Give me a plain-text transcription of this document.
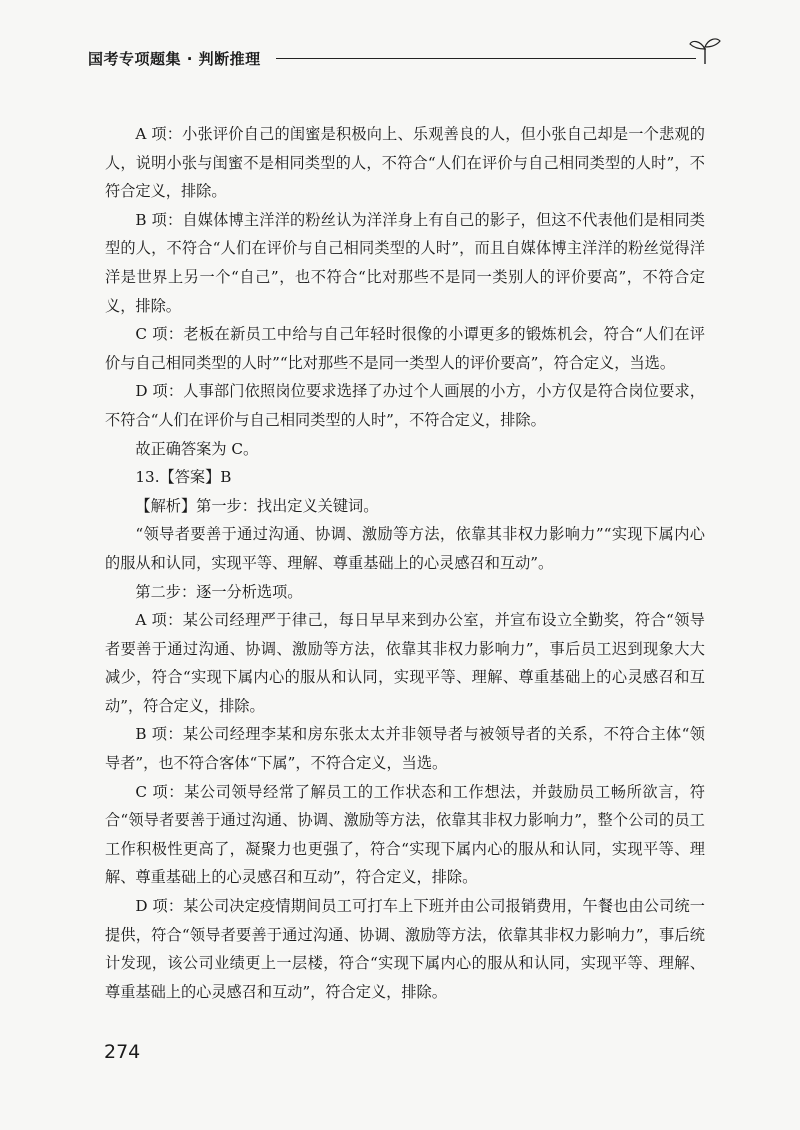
国考专项题集 · 判断推理

A 项：小张评价自己的闺蜜是积极向上、乐观善良的人，但小张自己却是一个悲观的人，说明小张与闺蜜不是相同类型的人，不符合“人们在评价与自己相同类型的人时”，不符合定义，排除。

B 项：自媒体博主洋洋的粉丝认为洋洋身上有自己的影子，但这不代表他们是相同类型的人，不符合“人们在评价与自己相同类型的人时”，而且自媒体博主洋洋的粉丝觉得洋洋是世界上另一个“自己”，也不符合“比对那些不是同一类别人的评价要高”，不符合定义，排除。

C 项：老板在新员工中给与自己年轻时很像的小谭更多的锻炼机会，符合“人们在评价与自己相同类型的人时”“比对那些不是同一类型人的评价要高”，符合定义，当选。

D 项：人事部门依照岗位要求选择了办过个人画展的小方，小方仅是符合岗位要求，不符合“人们在评价与自己相同类型的人时”，不符合定义，排除。

故正确答案为 C。

13.【答案】B

【解析】第一步：找出定义关键词。

“领导者要善于通过沟通、协调、激励等方法，依靠其非权力影响力”“实现下属内心的服从和认同，实现平等、理解、尊重基础上的心灵感召和互动”。

第二步：逐一分析选项。

A 项：某公司经理严于律己，每日早早来到办公室，并宣布设立全勤奖，符合“领导者要善于通过沟通、协调、激励等方法，依靠其非权力影响力”，事后员工迟到现象大大减少，符合“实现下属内心的服从和认同，实现平等、理解、尊重基础上的心灵感召和互动”，符合定义，排除。

B 项：某公司经理李某和房东张太太并非领导者与被领导者的关系，不符合主体“领导者”，也不符合客体“下属”，不符合定义，当选。

C 项：某公司领导经常了解员工的工作状态和工作想法，并鼓励员工畅所欲言，符合“领导者要善于通过沟通、协调、激励等方法，依靠其非权力影响力”，整个公司的员工工作积极性更高了，凝聚力也更强了，符合“实现下属内心的服从和认同，实现平等、理解、尊重基础上的心灵感召和互动”，符合定义，排除。

D 项：某公司决定疫情期间员工可打车上下班并由公司报销费用，午餐也由公司统一提供，符合“领导者要善于通过沟通、协调、激励等方法，依靠其非权力影响力”，事后统计发现，该公司业绩更上一层楼，符合“实现下属内心的服从和认同，实现平等、理解、尊重基础上的心灵感召和互动”，符合定义，排除。

274
